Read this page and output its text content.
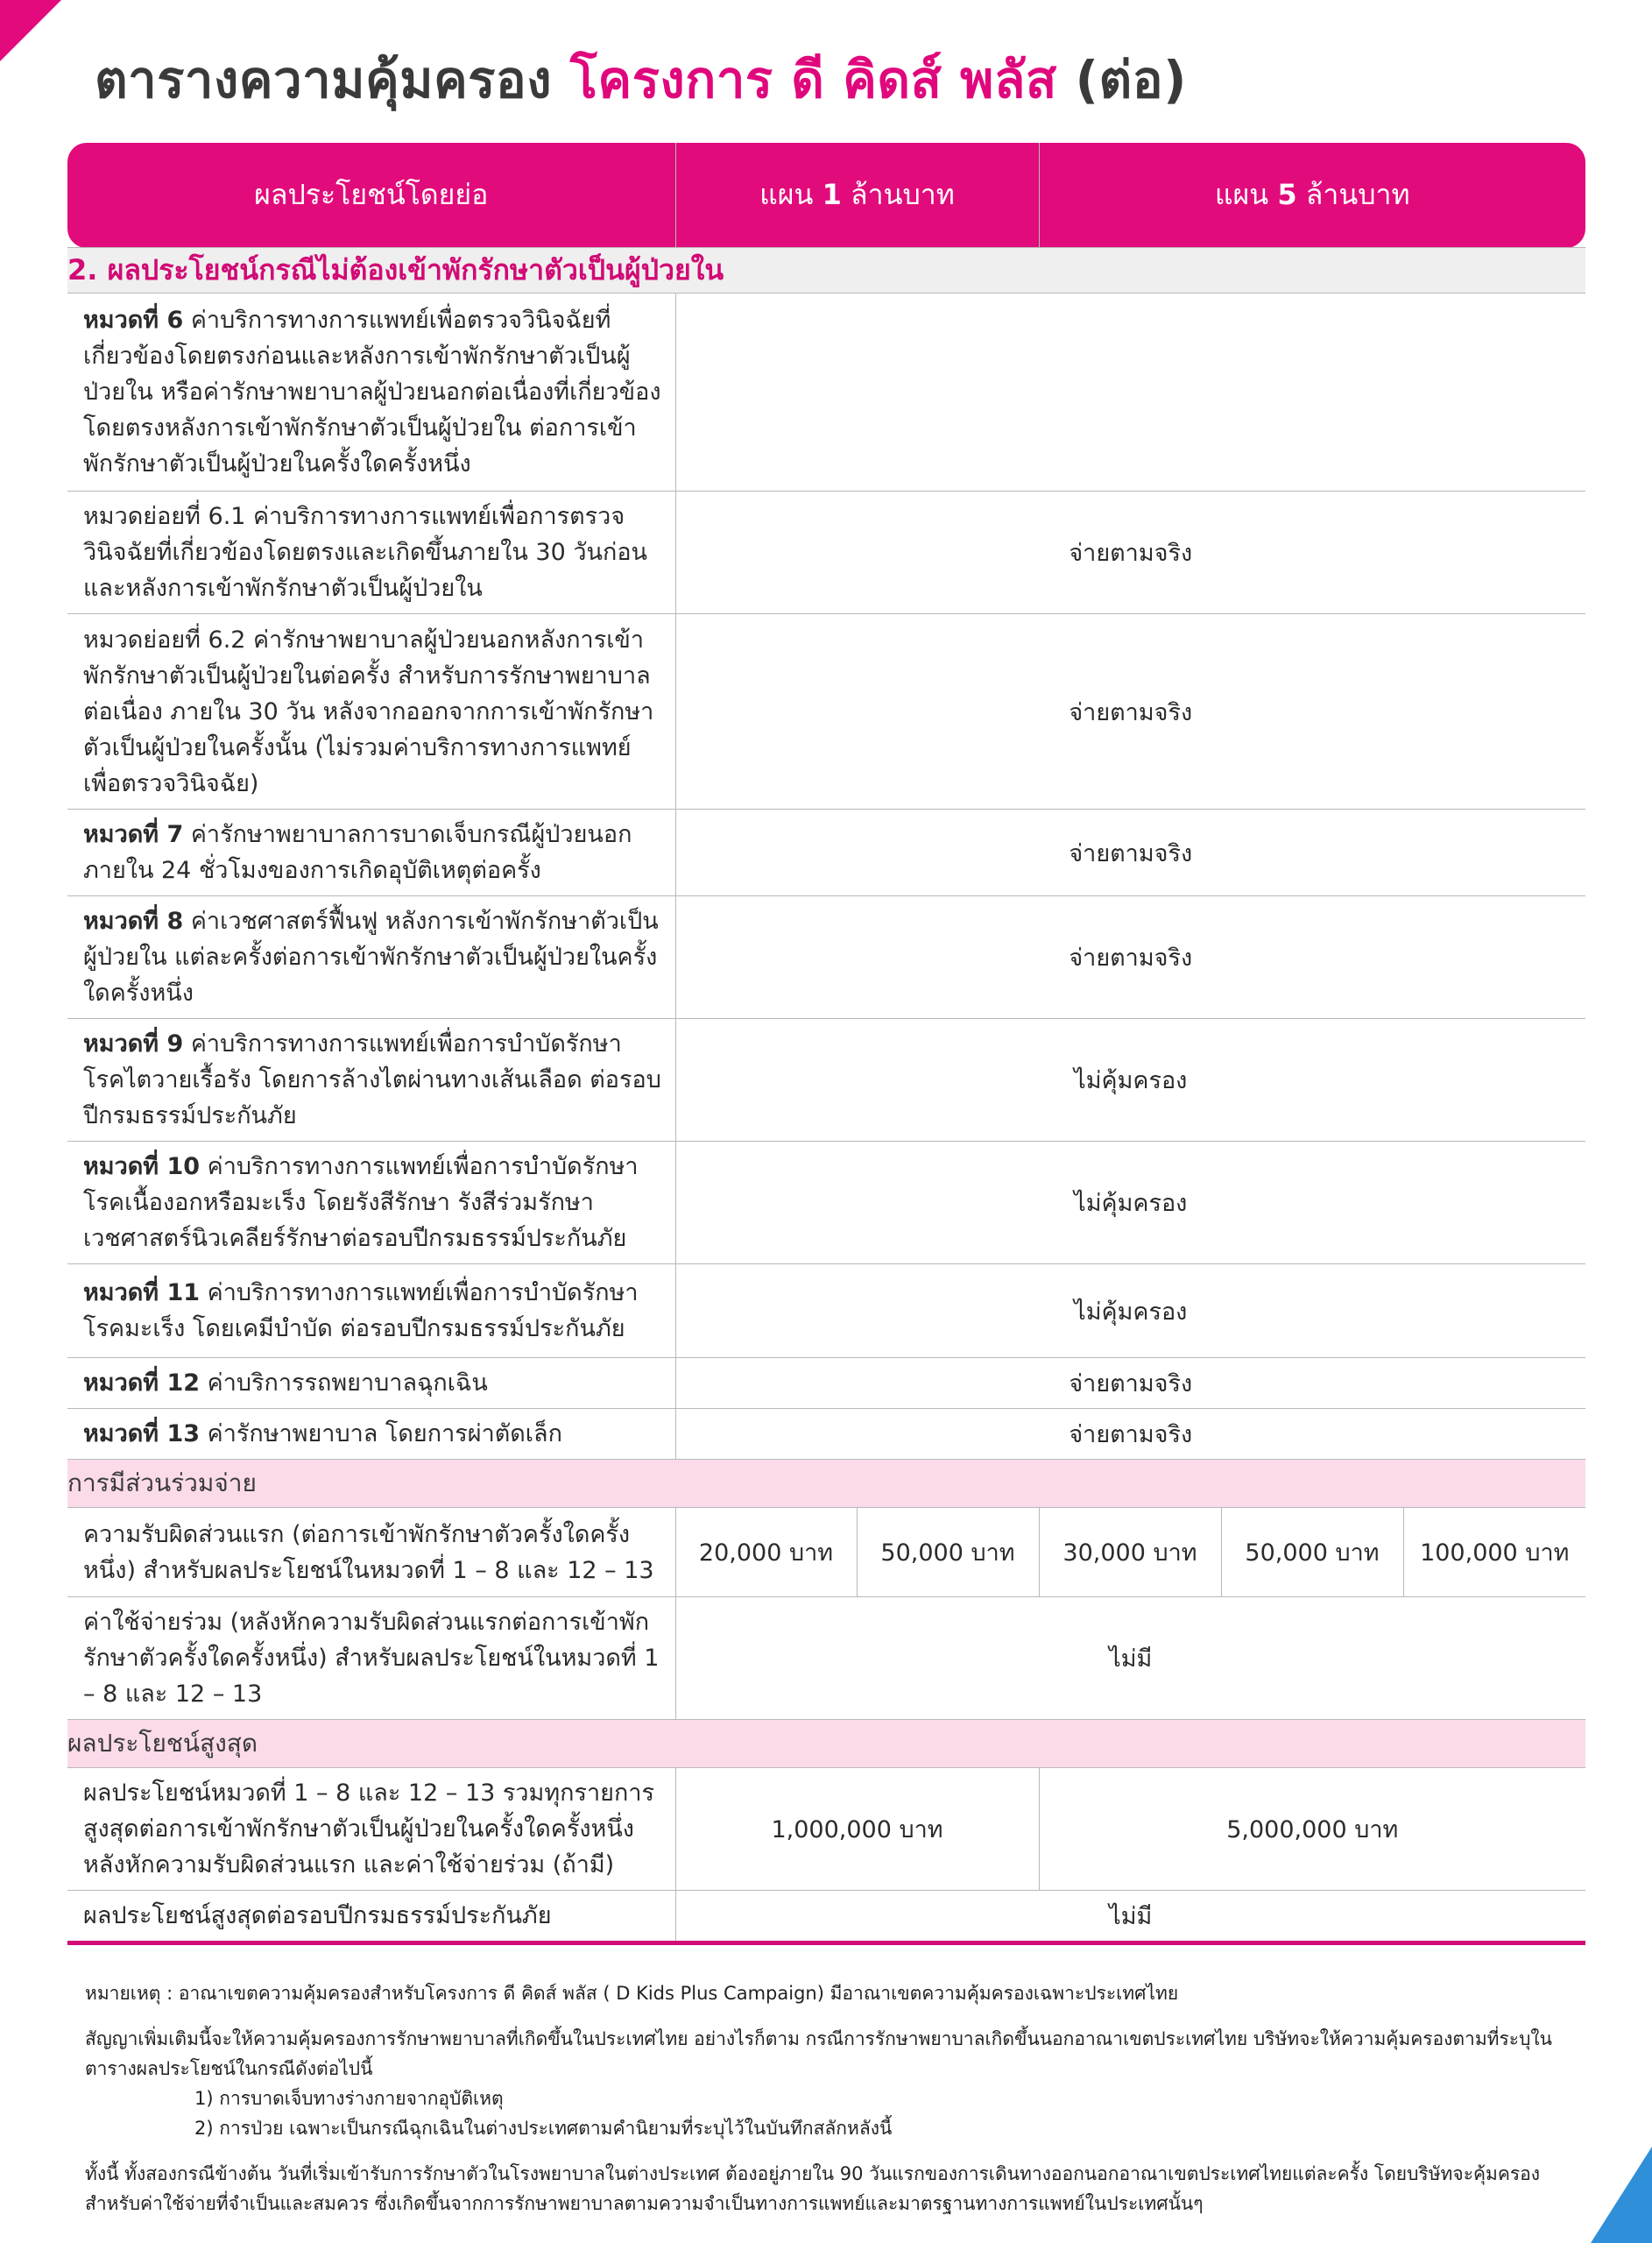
ตารางความคุ้มครอง โครงการ ดี คิดส์ พลัส (ต่อ)
ผลประโยชน์โดยย่อ	แผน 1 ล้านบาท		แผน 5 ล้านบาท		
2. ผลประโยชน์กรณีไม่ต้องเข้าพักรักษาตัวเป็นผู้ป่วยใน					
หมวดที่ 6 ค่าบริการทางการแพทย์เพื่อตรวจวินิจฉัยที่เกี่ยวข้องโดยตรงก่อนและหลังการเข้าพักรักษาตัวเป็นผู้ป่วยใน หรือค่ารักษาพยาบาลผู้ป่วยนอกต่อเนื่องที่เกี่ยวข้องโดยตรงหลังการเข้าพักรักษาตัวเป็นผู้ป่วยใน ต่อการเข้าพักรักษาตัวเป็นผู้ป่วยในครั้งใดครั้งหนึ่ง					
หมวดย่อยที่ 6.1 ค่าบริการทางการแพทย์เพื่อการตรวจวินิจฉัยที่เกี่ยวข้องโดยตรงและเกิดขึ้นภายใน 30 วันก่อนและหลังการเข้าพักรักษาตัวเป็นผู้ป่วยใน	จ่ายตามจริง				
หมวดย่อยที่ 6.2 ค่ารักษาพยาบาลผู้ป่วยนอกหลังการเข้าพักรักษาตัวเป็นผู้ป่วยในต่อครั้ง สำหรับการรักษาพยาบาลต่อเนื่อง ภายใน 30 วัน หลังจากออกจากการเข้าพักรักษาตัวเป็นผู้ป่วยในครั้งนั้น (ไม่รวมค่าบริการทางการแพทย์เพื่อตรวจวินิจฉัย)	จ่ายตามจริง				
หมวดที่ 7 ค่ารักษาพยาบาลการบาดเจ็บกรณีผู้ป่วยนอกภายใน 24 ชั่วโมงของการเกิดอุบัติเหตุต่อครั้ง	จ่ายตามจริง				
หมวดที่ 8 ค่าเวชศาสตร์ฟื้นฟู หลังการเข้าพักรักษาตัวเป็นผู้ป่วยใน แต่ละครั้งต่อการเข้าพักรักษาตัวเป็นผู้ป่วยในครั้งใดครั้งหนึ่ง	จ่ายตามจริง				
หมวดที่ 9 ค่าบริการทางการแพทย์เพื่อการบำบัดรักษาโรคไตวายเรื้อรัง โดยการล้างไตผ่านทางเส้นเลือด ต่อรอบปีกรมธรรม์ประกันภัย	ไม่คุ้มครอง				
หมวดที่ 10 ค่าบริการทางการแพทย์เพื่อการบำบัดรักษาโรคเนื้องอกหรือมะเร็ง โดยรังสีรักษา รังสีร่วมรักษา เวชศาสตร์นิวเคลียร์รักษาต่อรอบปีกรมธรรม์ประกันภัย	ไม่คุ้มครอง				
หมวดที่ 11 ค่าบริการทางการแพทย์เพื่อการบำบัดรักษาโรคมะเร็ง โดยเคมีบำบัด ต่อรอบปีกรมธรรม์ประกันภัย	ไม่คุ้มครอง				
หมวดที่ 12 ค่าบริการรถพยาบาลฉุกเฉิน	จ่ายตามจริง				
หมวดที่ 13 ค่ารักษาพยาบาล โดยการผ่าตัดเล็ก	จ่ายตามจริง				
การมีส่วนร่วมจ่าย					
ความรับผิดส่วนแรก (ต่อการเข้าพักรักษาตัวครั้งใดครั้งหนึ่ง) สำหรับผลประโยชน์ในหมวดที่ 1 – 8 และ 12 – 13	20,000 บาท	50,000 บาท	30,000 บาท	50,000 บาท	100,000 บาท
ค่าใช้จ่ายร่วม (หลังหักความรับผิดส่วนแรกต่อการเข้าพักรักษาตัวครั้งใดครั้งหนึ่ง) สำหรับผลประโยชน์ในหมวดที่ 1 – 8 และ 12 – 13	ไม่มี				
ผลประโยชน์สูงสุด					
ผลประโยชน์หมวดที่ 1 – 8 และ 12 – 13 รวมทุกรายการสูงสุดต่อการเข้าพักรักษาตัวเป็นผู้ป่วยในครั้งใดครั้งหนึ่ง หลังหักความรับผิดส่วนแรก และค่าใช้จ่ายร่วม (ถ้ามี)	1,000,000 บาท		5,000,000 บาท		
ผลประโยชน์สูงสุดต่อรอบปีกรมธรรม์ประกันภัย	ไม่มี				

หมายเหตุ : อาณาเขตความคุ้มครองสำหรับโครงการ ดี คิดส์ พลัส ( D Kids Plus Campaign) มีอาณาเขตความคุ้มครองเฉพาะประเทศไทย

สัญญาเพิ่มเติมนี้จะให้ความคุ้มครองการรักษาพยาบาลที่เกิดขึ้นในประเทศไทย อย่างไรก็ตาม กรณีการรักษาพยาบาลเกิดขึ้นนอกอาณาเขตประเทศไทย บริษัทจะให้ความคุ้มครองตามที่ระบุในตารางผลประโยชน์ในกรณีดังต่อไปนี้

1) การบาดเจ็บทางร่างกายจากอุบัติเหตุ
2) การป่วย เฉพาะเป็นกรณีฉุกเฉินในต่างประเทศตามคำนิยามที่ระบุไว้ในบันทึกสลักหลังนี้

ทั้งนี้ ทั้งสองกรณีข้างต้น วันที่เริ่มเข้ารับการรักษาตัวในโรงพยาบาลในต่างประเทศ ต้องอยู่ภายใน 90 วันแรกของการเดินทางออกนอกอาณาเขตประเทศไทยแต่ละครั้ง โดยบริษัทจะคุ้มครองสำหรับค่าใช้จ่ายที่จำเป็นและสมควร ซึ่งเกิดขึ้นจากการรักษาพยาบาลตามความจำเป็นทางการแพทย์และมาตรฐานทางการแพทย์ในประเทศนั้นๆ
